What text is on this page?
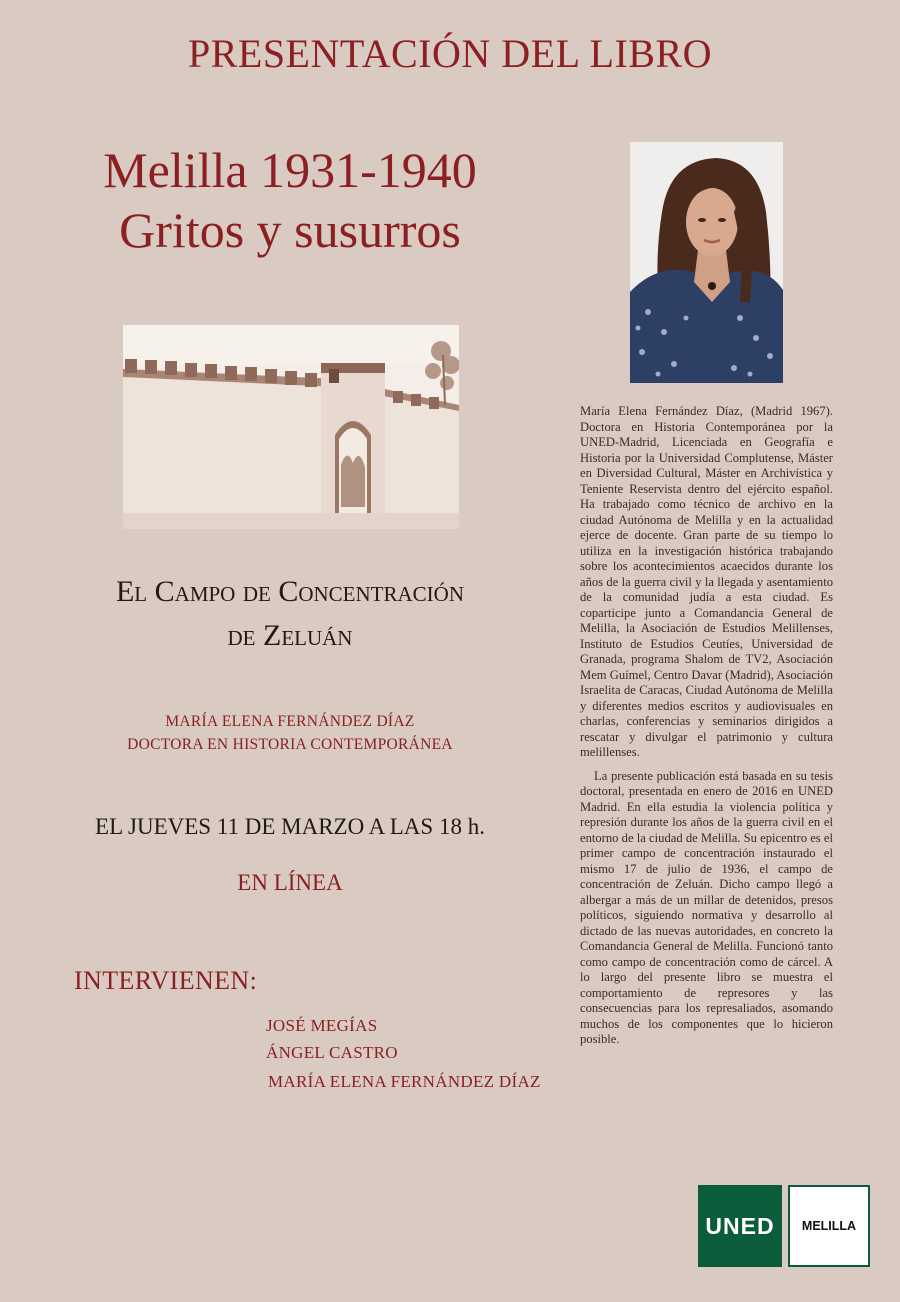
PRESENTACIÓN DEL LIBRO
Melilla 1931-1940
Gritos y susurros
El Campo de Concentración
de Zeluán
MARÍA ELENA FERNÁNDEZ DÍAZ
DOCTORA EN HISTORIA CONTEMPORÁNEA
EL JUEVES 11 DE MARZO A LAS 18 h.
EN LÍNEA
INTERVIENEN:
JOSÉ MEGÍAS
ÁNGEL CASTRO
MARÍA ELENA FERNÁNDEZ DÍAZ

María Elena Fernández Díaz, (Madrid 1967). Doctora en Historia Contemporánea por la UNED-Madrid, Licenciada en Geografía e Historia por la Universidad Complutense, Máster en Diversidad Cultural, Máster en Archivística y Teniente Reservista dentro del ejército español. Ha trabajado como técnico de archivo en la ciudad Autónoma de Melilla y en la actualidad ejerce de docente. Gran parte de su tiempo lo utiliza en la investigación histórica trabajando sobre los acontecimientos acaecidos durante los años de la guerra civil y la llegada y asentamiento de la comunidad judía a esta ciudad. Es coparticipe junto a Comandancia General de Melilla, la Asociación de Estudios Melillenses, Instituto de Estudios Ceutíes, Universidad de Granada, programa Shalom de TV2, Asociación Mem Guímel, Centro Davar (Madrid), Asociación Israelita de Caracas, Ciudad Autónoma de Melilla y diferentes medios escritos y audiovisuales en charlas, conferencias y seminarios dirigidos a rescatar y divulgar el patrimonio y cultura melillenses.

La presente publicación está basada en su tesis doctoral, presentada en enero de 2016 en UNED Madrid. En ella estudia la violencia política y represión durante los años de la guerra civil en el entorno de la ciudad de Melilla. Su epicentro es el primer campo de concentración instaurado el mismo 17 de julio de 1936, el campo de concentración de Zeluán. Dicho campo llegó a albergar a más de un millar de detenidos, presos políticos, siguiendo normativa y desarrollo al dictado de las nuevas autoridades, en concreto la Comandancia General de Melilla. Funcionó tanto como campo de concentración como de cárcel. A lo largo del presente libro se muestra el comportamiento de represores y las consecuencias para los represaliados, asomando muchos de los componentes que lo hicieron posible.

UNED	MELILLA
